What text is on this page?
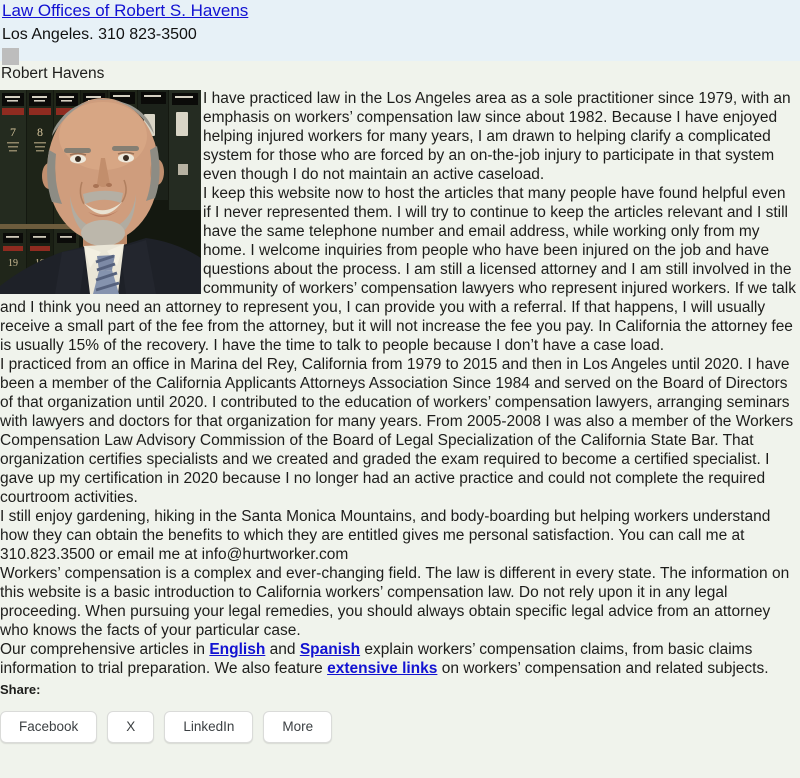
Law Offices of Robert S. Havens
Los Angeles. 310 823-3500
Robert Havens
7 8
19

I have practiced law in the Los Angeles area as a sole practitioner since 1979, with an emphasis on workers’ compensation law since about 1982. Because I have enjoyed helping injured workers for many years, I am drawn to helping clarify a complicated system for those who are forced by an on-the-job injury to participate in that system even though I do not maintain an active caseload.

I keep this website now to host the articles that many people have found helpful even if I never represented them. I will try to continue to keep the articles relevant and I still have the same telephone number and email address, while working only from my home. I welcome inquiries from people who have been injured on the job and have questions about the process. I am still a licensed attorney and I am still involved in the community of workers’ compensation lawyers who represent injured workers. If we talk and I think you need an attorney to represent you, I can provide you with a referral. If that happens, I will usually receive a small part of the fee from the attorney, but it will not increase the fee you pay. In California the attorney fee is usually 15% of the recovery. I have the time to talk to people because I don’t have a case load.

I practiced from an office in Marina del Rey, California from 1979 to 2015 and then in Los Angeles until 2020. I have been a member of the California Applicants Attorneys Association Since 1984 and served on the Board of Directors of that organization until 2020. I contributed to the education of workers’ compensation lawyers, arranging seminars with lawyers and doctors for that organization for many years. From 2005-2008 I was also a member of the Workers Compensation Law Advisory Commission of the Board of Legal Specialization of the California State Bar. That organization certifies specialists and we created and graded the exam required to become a certified specialist. I gave up my certification in 2020 because I no longer had an active practice and could not complete the required courtroom activities.

I still enjoy gardening, hiking in the Santa Monica Mountains, and body-boarding but helping workers understand how they can obtain the benefits to which they are entitled gives me personal satisfaction. You can call me at 310.823.3500 or email me at info@hurtworker.com

Workers’ compensation is a complex and ever-changing field. The law is different in every state. The information on this website is a basic introduction to California workers’ compensation law. Do not rely upon it in any legal proceeding. When pursuing your legal remedies, you should always obtain specific legal advice from an attorney who knows the facts of your particular case.

Our comprehensive articles in English and Spanish explain workers’ compensation claims, from basic claims information to trial preparation. We also feature extensive links on workers’ compensation and related subjects.

Share:
Facebook	X	LinkedIn	More
